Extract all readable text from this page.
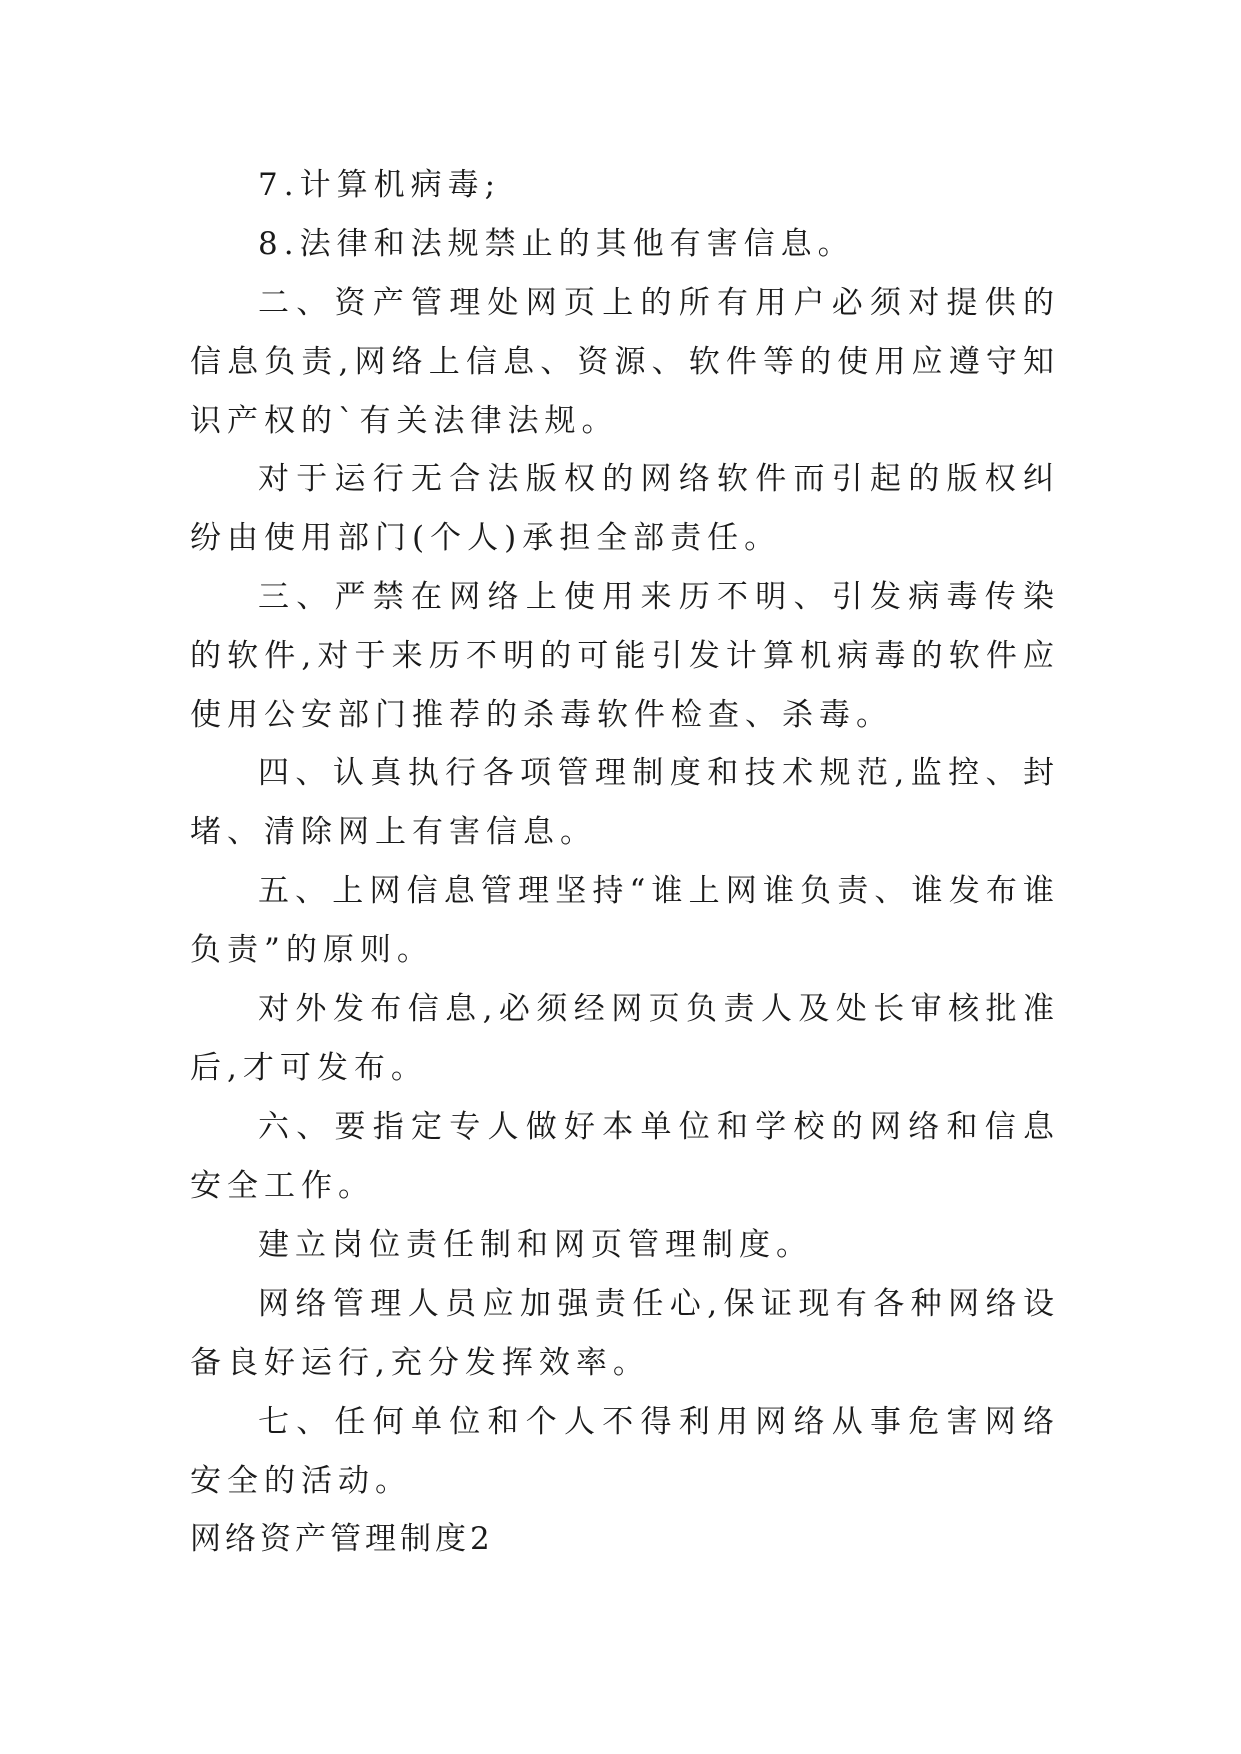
7.计算机病毒;

8.法律和法规禁止的其他有害信息。

二、资产管理处网页上的所有用户必须对提供的信息负责,网络上信息、资源、软件等的使用应遵守知识产权的`有关法律法规。

对于运行无合法版权的网络软件而引起的版权纠纷由使用部门(个人)承担全部责任。

三、严禁在网络上使用来历不明、引发病毒传染的软件,对于来历不明的可能引发计算机病毒的软件应使用公安部门推荐的杀毒软件检查、杀毒。

四、认真执行各项管理制度和技术规范,监控、封堵、清除网上有害信息。

五、上网信息管理坚持“谁上网谁负责、谁发布谁负责”的原则。

对外发布信息,必须经网页负责人及处长审核批准后,才可发布。

六、要指定专人做好本单位和学校的网络和信息安全工作。

建立岗位责任制和网页管理制度。

网络管理人员应加强责任心,保证现有各种网络设备良好运行,充分发挥效率。

七、任何单位和个人不得利用网络从事危害网络安全的活动。

网络资产管理制度2
